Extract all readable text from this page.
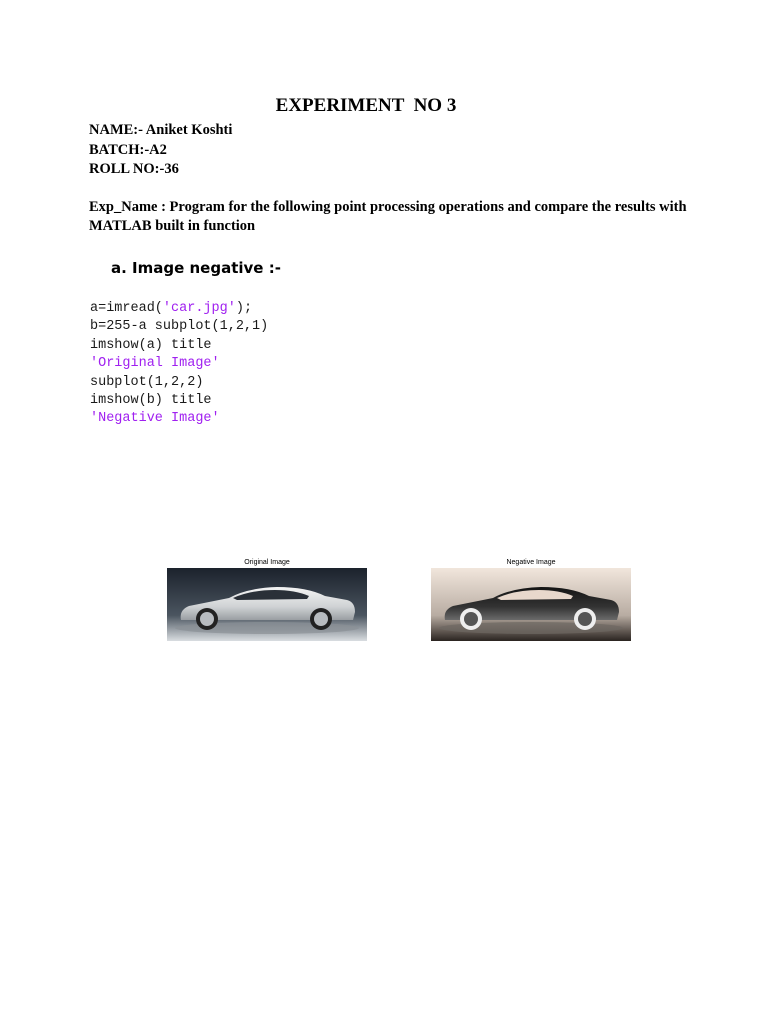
EXPERIMENT  NO 3
NAME:- Aniket Koshti
BATCH:-A2
ROLL NO:-36
Exp_Name : Program for the following point processing operations and compare the results with MATLAB built in function
a. Image negative :-
a=imread('car.jpg');
b=255-a subplot(1,2,1)
imshow(a) title
'Original Image'
subplot(1,2,2)
imshow(b) title
'Negative Image'
Original Image	Negative Image
